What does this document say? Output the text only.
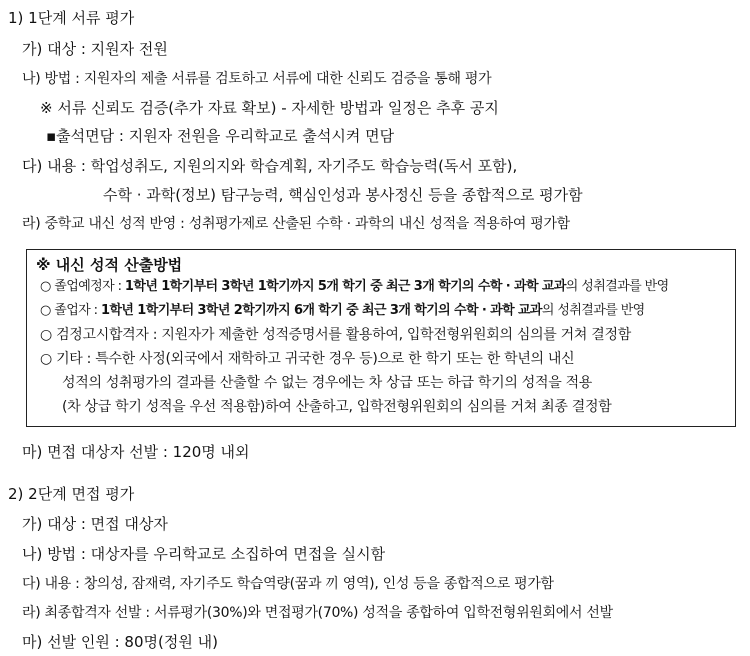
1) 1단계 서류 평가
가) 대상 : 지원자 전원
나) 방법 : 지원자의 제출 서류를 검토하고 서류에 대한 신뢰도 검증을 통해 평가
※ 서류 신뢰도 검증(추가 자료 확보) - 자세한 방법과 일정은 추후 공지
▪출석면담 : 지원자 전원을 우리학교로 출석시켜 면담
다) 내용 : 학업성취도, 지원의지와 학습계획, 자기주도 학습능력(독서 포함),
수학 · 과학(정보) 탐구능력, 핵심인성과 봉사정신 등을 종합적으로 평가함
라) 중학교 내신 성적 반영 : 성취평가제로 산출된 수학 · 과학의 내신 성적을 적용하여 평가함
※ 내신 성적 산출방법
○ 졸업예정자 : 1학년 1학기부터 3학년 1학기까지 5개 학기 중 최근 3개 학기의 수학 · 과학 교과의 성취결과를 반영
○ 졸업자 : 1학년 1학기부터 3학년 2학기까지 6개 학기 중 최근 3개 학기의 수학 · 과학 교과의 성취결과를 반영
○ 검정고시합격자 : 지원자가 제출한 성적증명서를 활용하여, 입학전형위원회의 심의를 거쳐 결정함
○ 기타 : 특수한 사정(외국에서 재학하고 귀국한 경우 등)으로 한 학기 또는 한 학년의 내신
성적의 성취평가의 결과를 산출할 수 없는 경우에는 차 상급 또는 하급 학기의 성적을 적용
(차 상급 학기 성적을 우선 적용함)하여 산출하고, 입학전형위원회의 심의를 거쳐 최종 결정함
마) 면접 대상자 선발 : 120명 내외
2) 2단계 면접 평가
가) 대상 : 면접 대상자
나) 방법 : 대상자를 우리학교로 소집하여 면접을 실시함
다) 내용 : 창의성, 잠재력, 자기주도 학습역량(꿈과 끼 영역), 인성 등을 종합적으로 평가함
라) 최종합격자 선발 : 서류평가(30%)와 면접평가(70%) 성적을 종합하여 입학전형위원회에서 선발
마) 선발 인원 : 80명(정원 내)
